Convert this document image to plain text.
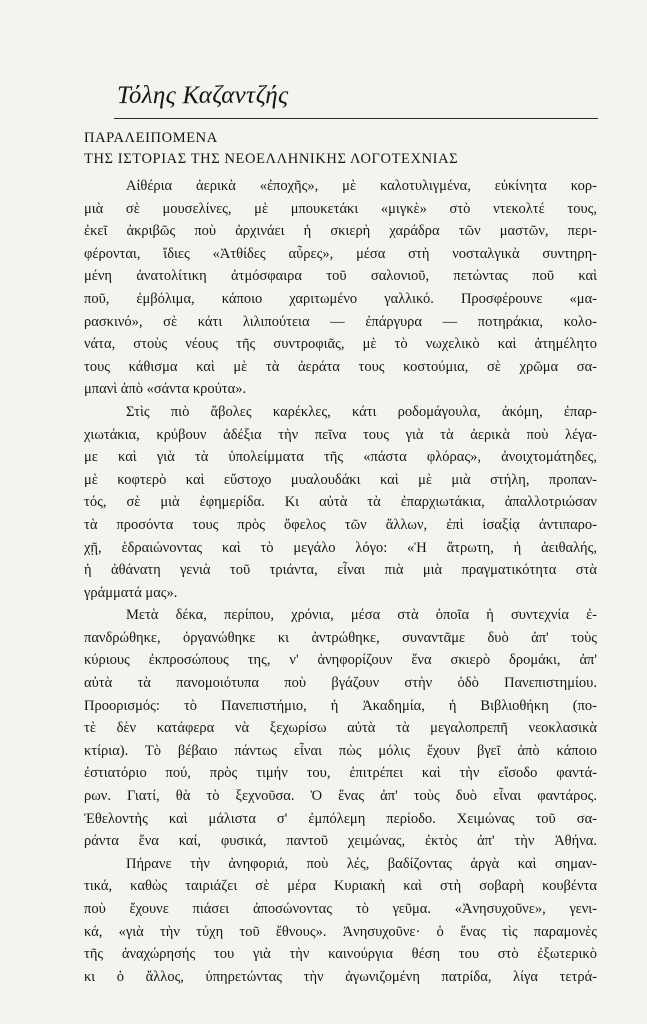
Τόλης Καζαντζής
ΠΑΡΑΛΕΙΠΟΜΕΝΑ
ΤΗΣ ΙΣΤΟΡΙΑΣ ΤΗΣ ΝΕΟΕΛΛΗΝΙΚΗΣ ΛΟΓΟΤΕΧΝΙΑΣ
Αἰθέρια ἀερικὰ «ἐποχῆς», μὲ καλοτυλιγμένα, εὐκίνητα κορ-
μιὰ σὲ μουσελίνες, μὲ μπουκετάκι «μιγκὲ» στὸ ντεκολτέ τους,
ἐκεῖ ἀκριβῶς ποὺ ἀρχινάει ἡ σκιερὴ χαράδρα τῶν μαστῶν, περι-
φέρονται, ἴδιες «Ἀτθίδες αὖρες», μέσα στὴ νοσταλγικὰ συντηρη-
μένη ἀνατολίτικη ἀτμόσφαιρα τοῦ σαλονιοῦ, πετώντας ποῦ καὶ
ποῦ, ἐμβόλιμα, κάποιο χαριτωμένο γαλλικό. Προσφέρουνε «μα-
ρασκινό», σὲ κάτι λιλιπούτεια — ἐπάργυρα — ποτηράκια, κολο-
νάτα, στοὺς νέους τῆς συντροφιᾶς, μὲ τὸ νωχελικὸ καὶ ἀτημέλητο
τους κάθισμα καὶ μὲ τὰ ἀεράτα τους κοστούμια, σὲ χρῶμα σα-
μπανὶ ἀπὸ «σάντα κρούτα».
Στὶς πιὸ ἄβολες καρέκλες, κάτι ροδομάγουλα, ἀκόμη, ἐπαρ-
χιωτάκια, κρύβουν ἀδέξια τὴν πεῖνα τους γιὰ τὰ ἀερικὰ ποὺ λέγα-
με καὶ γιὰ τὰ ὑπολείμματα τῆς «πάστα φλόρας», ἀνοιχτομάτηδες,
μὲ κοφτερὸ καὶ εὔστοχο μυαλουδάκι καὶ μὲ μιὰ στήλη, προπαν-
τός, σὲ μιὰ ἐφημερίδα. Κι αὐτὰ τὰ ἐπαρχιωτάκια, ἀπαλλοτριώσαν
τὰ προσόντα τους πρὸς ὄφελος τῶν ἄλλων, ἐπὶ ἰσαξίᾳ ἀντιπαρο-
χῇ, ἑδραιώνοντας καὶ τὸ μεγάλο λόγο: «Ἡ ἄτρωτη, ἡ ἀειθαλής,
ἡ ἀθάνατη γενιὰ τοῦ τριάντα, εἶναι πιὰ μιὰ πραγματικότητα στὰ
γράμματά μας».
Μετὰ δέκα, περίπου, χρόνια, μέσα στὰ ὁποῖα ἡ συντεχνία ἐ-
πανδρώθηκε, ὀργανώθηκε κι ἀντρώθηκε, συναντᾶμε δυὸ ἀπ' τοὺς
κύριους ἐκπροσώπους της, ν' ἀνηφορίζουν ἕνα σκιερὸ δρομάκι, ἀπ'
αὐτὰ τὰ πανομοιότυπα ποὺ βγάζουν στὴν ὁδὸ Πανεπιστημίου.
Προορισμός: τὸ Πανεπιστήμιο, ἡ Ἀκαδημία, ἡ Βιβλιοθήκη (πο-
τὲ δὲν κατάφερα νὰ ξεχωρίσω αὐτὰ τὰ μεγαλοπρεπῆ νεοκλασικὰ
κτίρια). Τὸ βέβαιο πάντως εἶναι πὼς μόλις ἔχουν βγεῖ ἀπὸ κάποιο
ἐστιατόριο πού, πρὸς τιμήν του, ἐπιτρέπει καὶ τὴν εἴσοδο φαντά-
ρων. Γιατί, θὰ τὸ ξεχνοῦσα. Ὁ ἕνας ἀπ' τοὺς δυὸ εἶναι φαντάρος.
Ἐθελοντὴς καὶ μάλιστα σ' ἐμπόλεμη περίοδο. Χειμώνας τοῦ σα-
ράντα ἕνα καί, φυσικά, παντοῦ χειμώνας, ἐκτὸς ἀπ' τὴν Ἀθήνα.
Πήρανε τὴν ἀνηφοριά, ποὺ λές, βαδίζοντας ἀργὰ καὶ σημαν-
τικά, καθὼς ταιριάζει σὲ μέρα Κυριακὴ καὶ στὴ σοβαρὴ κουβέντα
ποὺ ἔχουνε πιάσει ἀποσώνοντας τὸ γεῦμα. «Ἀνησυχοῦνε», γενι-
κά, «γιὰ τὴν τύχη τοῦ ἔθνους». Ἀνησυχοῦνε· ὁ ἕνας τὶς παραμονὲς
τῆς ἀναχώρησής του γιὰ τὴν καινούργια θέση του στὸ ἐξωτερικὸ
κι ὁ ἄλλος, ὑπηρετώντας τὴν ἀγωνιζομένη πατρίδα, λίγα τετρά-
